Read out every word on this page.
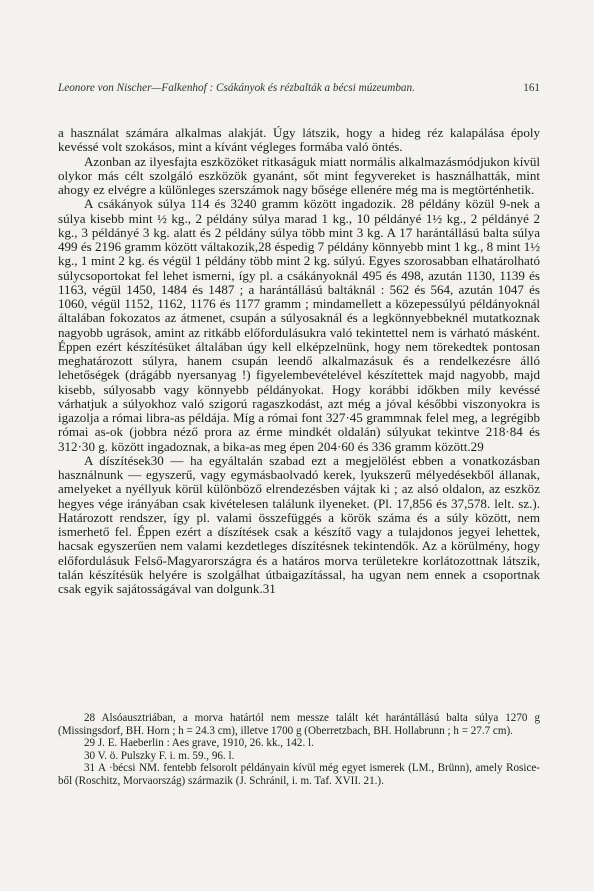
Leonore von Nischer—Falkenhof : Csákányok és rézbalták a bécsi múzeumban.	161

a használat számára alkalmas alakját. Úgy látszik, hogy a hideg réz kalapálása époly kevéssé volt szokásos, mint a kívánt végleges formába való öntés.

Azonban az ilyesfajta eszközöket ritkaságuk miatt normális alkalmazásmódjukon kívül olykor más célt szolgáló eszközök gyanánt, sőt mint fegyvereket is használhatták, mint ahogy ez elvégre a különleges szerszámok nagy bősége ellenére még ma is megtörténhetik.

A csákányok súlya 114 és 3240 gramm között ingadozik. 28 példány közül 9-nek a súlya kisebb mint ½ kg., 2 példány súlya marad 1 kg., 10 példányé 1½ kg., 2 példányé 2 kg., 3 példányé 3 kg. alatt és 2 példány súlya több mint 3 kg. A 17 harántállású balta súlya 499 és 2196 gramm között váltakozik,28 éspedig 7 példány könnyebb mint 1 kg., 8 mint 1½ kg., 1 mint 2 kg. és végül 1 példány több mint 2 kg. súlyú. Egyes szorosabban elhatárolható súlycsoportokat fel lehet ismerni, így pl. a csákányoknál 495 és 498, azután 1130, 1139 és 1163, végül 1450, 1484 és 1487 ; a harántállású baltáknál : 562 és 564, azután 1047 és 1060, végül 1152, 1162, 1176 és 1177 gramm ; mindamellett a közepessúlyú példányoknál általában fokozatos az átmenet, csupán a súlyosaknál és a legkönnyebbeknél mutatkoznak nagyobb ugrások, amint az ritkább előfordulásukra való tekintettel nem is várható másként. Éppen ezért készítésüket általában úgy kell elképzelnünk, hogy nem törekedtek pontosan meghatározott súlyra, hanem csupán leendő alkalmazásuk és a rendelkezésre álló lehetőségek (drágább nyersanyag !) figyelembevételével készítettek majd nagyobb, majd kisebb, súlyosabb vagy könnyebb példányokat. Hogy korábbi időkben mily kevéssé várhatjuk a súlyokhoz való szigorú ragaszkodást, azt még a jóval későbbi viszonyokra is igazolja a római libra-as példája. Míg a római font 327·45 grammnak felel meg, a legrégibb római as-ok (jobbra néző prora az érme mindkét oldalán) súlyukat tekintve 218·84 és 312·30 g. között ingadoznak, a bika-as meg épen 204·60 és 336 gramm között.29

A díszítések30 — ha egyáltalán szabad ezt a megjelölést ebben a vonatkozásban használnunk — egyszerű, vagy egymásbaolvadó kerek, lyukszerű mélyedésekből állanak, amelyeket a nyéllyuk körül különböző elrendezésben vájtak ki ; az alsó oldalon, az eszköz hegyes vége irányában csak kivételesen találunk ilyeneket. (Pl. 17,856 és 37,578. lelt. sz.). Határozott rendszer, így pl. valami összefüggés a körök száma és a súly között, nem ismerhető fel. Éppen ezért a díszítések csak a készítő vagy a tulajdonos jegyei lehettek, hacsak egyszerűen nem valami kezdetleges díszítésnek tekintendők. Az a körülmény, hogy előfordulásuk Felső-Magyarországra és a határos morva területekre korlátozottnak látszik, talán készítésük helyére is szolgálhat útbaigazítással, ha ugyan nem ennek a csoportnak csak egyik sajátosságával van dolgunk.31

28 Alsóausztriában, a morva határtól nem messze talált két harántállású balta súlya 1270 g (Missingsdorf, BH. Horn ; h = 24.3 cm), illetve 1700 g (Oberretzbach, BH. Hollabrunn ; h = 27.7 cm).

29 J. E. Haeberlin : Aes grave, 1910, 26. kk., 142. l.

30 V. ö. Pulszky F. i. m. 59., 96. l.

31 A ·bécsi NM. fentebb felsorolt példányain kívül még egyet ismerek (LM., Brünn), amely Rosice-ből (Roschitz, Morvaország) származik (J. Schránil, i. m. Taf. XVII. 21.).
